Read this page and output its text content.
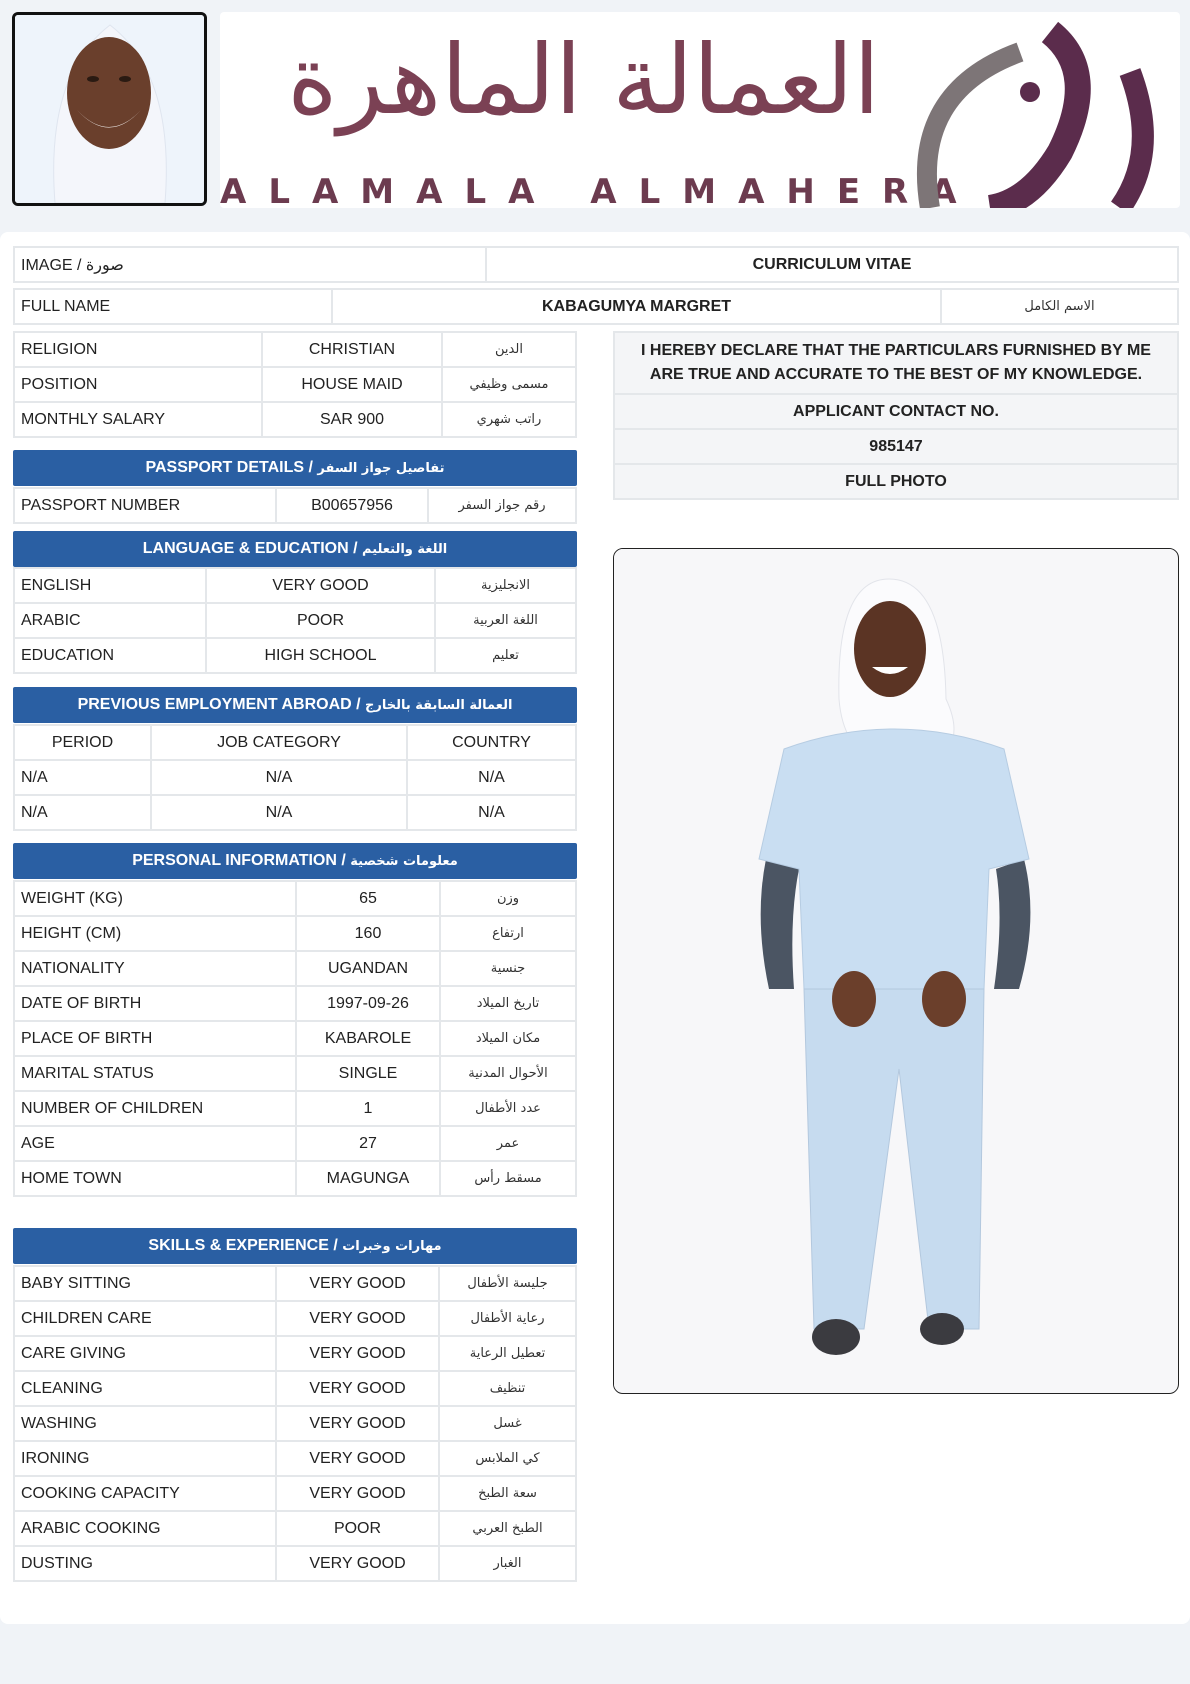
العمالة الماهرة
ALAMALA ALMAHERA
IMAGE / صورة	CURRICULUM VITAE
FULL NAME	KABAGUMYA MARGRET	الاسم الكامل
RELIGION	CHRISTIAN	الدين
POSITION	HOUSE MAID	مسمى وظيفي
MONTHLY SALARY	SAR 900	راتب شهري
I HEREBY DECLARE THAT THE PARTICULARS FURNISHED BY ME ARE TRUE AND ACCURATE TO THE BEST OF MY KNOWLEDGE.
APPLICANT CONTACT NO.
985147
FULL PHOTO
PASSPORT DETAILS / تفاصيل جواز السفر
PASSPORT NUMBER	B00657956	رقم جواز السفر
LANGUAGE & EDUCATION / اللغة والتعليم
ENGLISH	VERY GOOD	الانجليزية
ARABIC	POOR	اللغة العربية
EDUCATION	HIGH SCHOOL	تعليم
PREVIOUS EMPLOYMENT ABROAD / العمالة السابقة بالخارج
PERIOD	JOB CATEGORY	COUNTRY
N/A	N/A	N/A
N/A	N/A	N/A
PERSONAL INFORMATION / معلومات شخصية
WEIGHT (KG)	65	وزن
HEIGHT (CM)	160	ارتفاع
NATIONALITY	UGANDAN	جنسية
DATE OF BIRTH	1997-09-26	تاريخ الميلاد
PLACE OF BIRTH	KABAROLE	مكان الميلاد
MARITAL STATUS	SINGLE	الأحوال المدنية
NUMBER OF CHILDREN	1	عدد الأطفال
AGE	27	عمر
HOME TOWN	MAGUNGA	مسقط رأس
SKILLS & EXPERIENCE / مهارات وخبرات
BABY SITTING	VERY GOOD	جليسة الأطفال
CHILDREN CARE	VERY GOOD	رعاية الأطفال
CARE GIVING	VERY GOOD	تعطيل الرعاية
CLEANING	VERY GOOD	تنظيف
WASHING	VERY GOOD	غسل
IRONING	VERY GOOD	كي الملابس
COOKING CAPACITY	VERY GOOD	سعة الطبخ
ARABIC COOKING	POOR	الطبخ العربي
DUSTING	VERY GOOD	الغبار
